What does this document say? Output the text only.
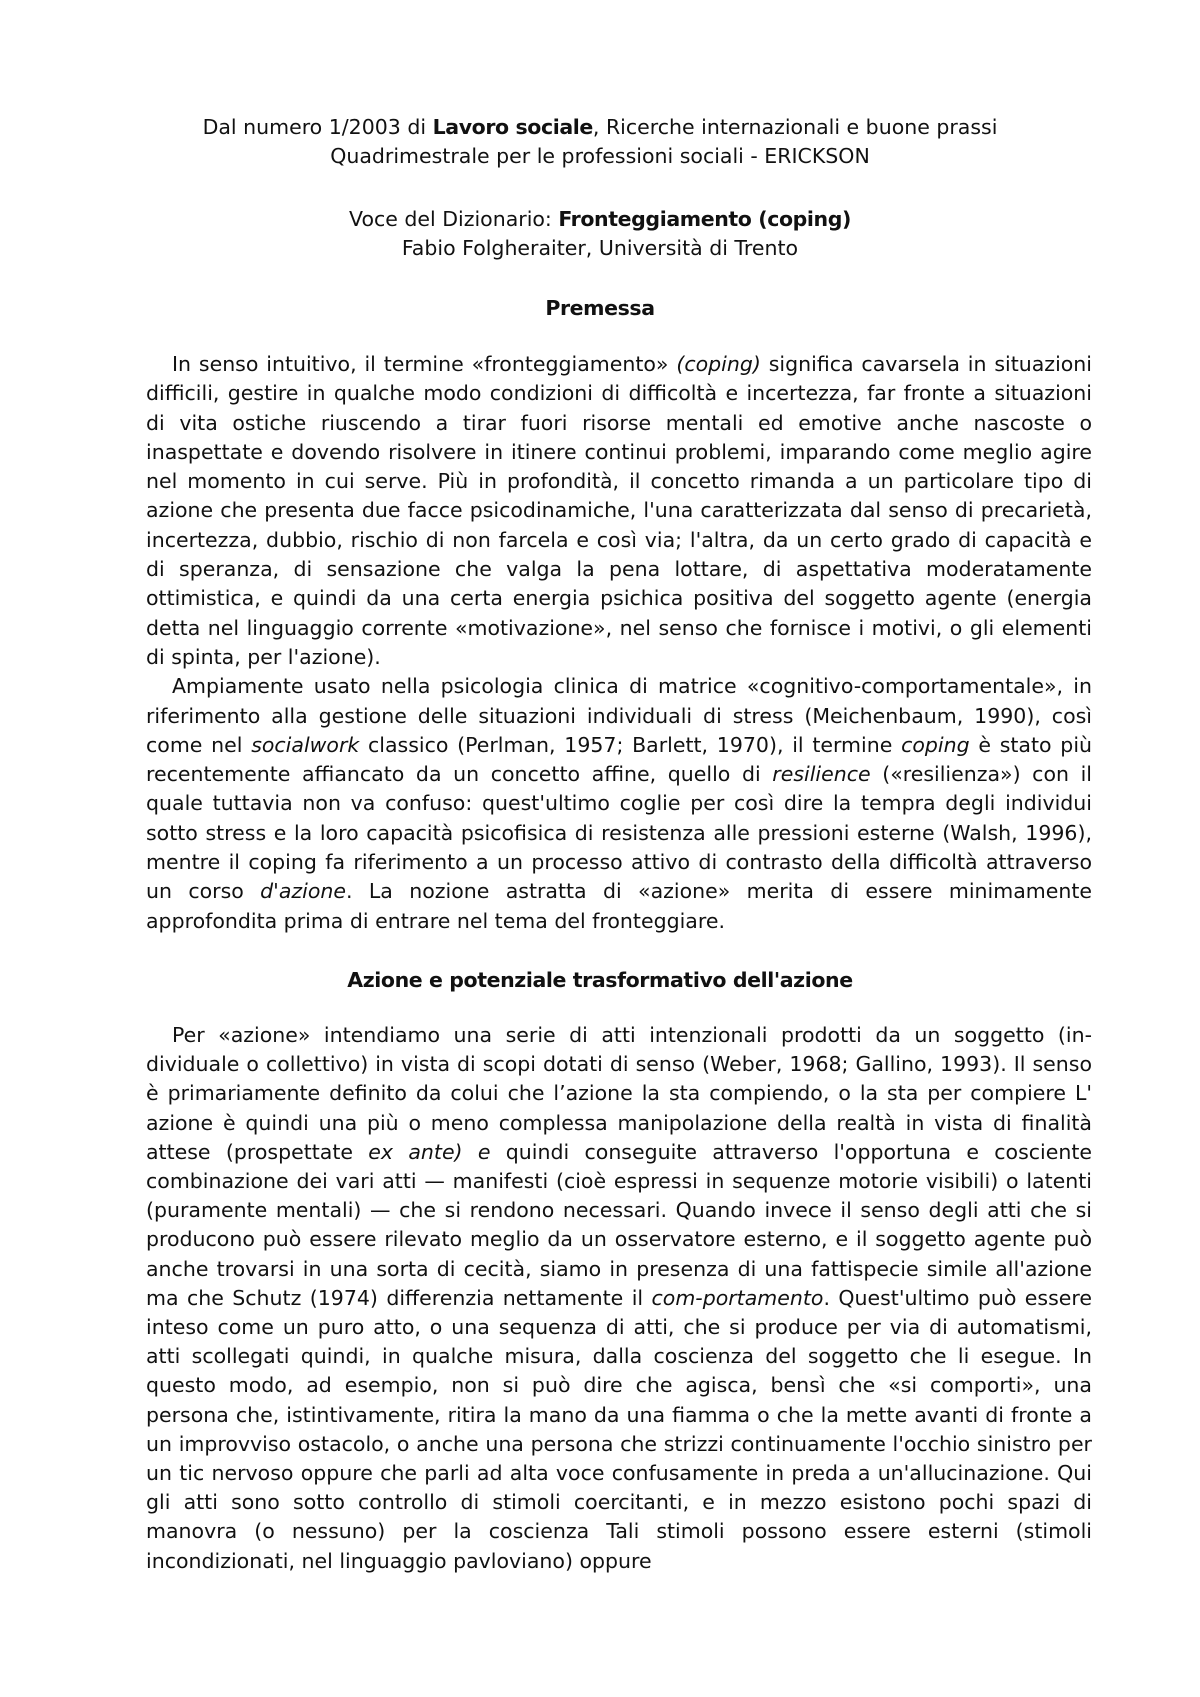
Dal numero 1/2003 di Lavoro sociale, Ricerche internazionali e buone prassi
Quadrimestrale per le professioni sociali - ERICKSON
Voce del Dizionario: Fronteggiamento (coping)
Fabio Folgheraiter, Università di Trento
Premessa

In senso intuitivo, il termine «fronteggiamento» (coping) significa cavarsela in situazioni difficili, gestire in qualche modo condizioni di difficoltà e incertezza, far fronte a situazioni di vita ostiche riuscendo a tirar fuori risorse mentali ed emotive anche nascoste o inaspettate e dovendo risolvere in itinere continui problemi, imparando come meglio agire nel momento in cui serve. Più in profondità, il concetto rimanda a un particolare tipo di azione che presenta due facce psicodinamiche, l'una caratterizzata dal senso di precarietà, incertezza, dubbio, rischio di non farcela e così via; l'altra, da un certo grado di capacità e di speranza, di sensazione che valga la pena lottare, di aspettativa moderatamente ottimistica, e quindi da una certa energia psichica positiva del soggetto agente (energia detta nel linguaggio corrente «motivazione», nel senso che fornisce i motivi, o gli elementi di spinta, per l'azione).

Ampiamente usato nella psicologia clinica di matrice «cognitivo-comportamentale», in riferimento alla gestione delle situazioni individuali di stress (Meichenbaum, 1990), così come nel socialwork classico (Perlman, 1957; Barlett, 1970), il termine coping è stato più recentemente affiancato da un concetto affine, quello di resilience («resilienza») con il quale tuttavia non va confuso: quest'ultimo coglie per così dire la tempra degli individui sotto stress e la loro capacità psicofisica di resistenza alle pressioni esterne (Walsh, 1996), mentre il coping fa riferimento a un processo attivo di contrasto della difficoltà attraverso un corso d'azione. La nozione astratta di «azione» merita di essere minimamente approfondita prima di entrare nel tema del fronteggiare.

Azione e potenziale trasformativo dell'azione

Per «azione» intendiamo una serie di atti intenzionali prodotti da un soggetto (in-dividuale o collettivo) in vista di scopi dotati di senso (Weber, 1968; Gallino, 1993). Il senso è primariamente definito da colui che l’azione la sta compiendo, o la sta per compiere L' azione è quindi una più o meno complessa manipolazione della realtà in vista di finalità attese (prospettate ex ante) e quindi conseguite attraverso l'opportuna e cosciente combinazione dei vari atti — manifesti (cioè espressi in sequenze motorie visibili) o latenti (puramente mentali) — che si rendono necessari. Quando invece il senso degli atti che si producono può essere rilevato meglio da un osservatore esterno, e il soggetto agente può anche trovarsi in una sorta di cecità, siamo in presenza di una fattispecie simile all'azione ma che Schutz (1974) differenzia nettamente il com-portamento. Quest'ultimo può essere inteso come un puro atto, o una sequenza di atti, che si produce per via di automatismi, atti scollegati quindi, in qualche misura, dalla coscienza del soggetto che li esegue. In questo modo, ad esempio, non si può dire che agisca, bensì che «si comporti», una persona che, istintivamente, ritira la mano da una fiamma o che la mette avanti di fronte a un improvviso ostacolo, o anche una persona che strizzi continuamente l'occhio sinistro per un tic nervoso oppure che parli ad alta voce confusamente in preda a un'allucinazione. Qui gli atti sono sotto controllo di stimoli coercitanti, e in mezzo esistono pochi spazi di manovra (o nessuno) per la coscienza Tali stimoli possono essere esterni (stimoli incondizionati, nel linguaggio pavloviano) oppure
